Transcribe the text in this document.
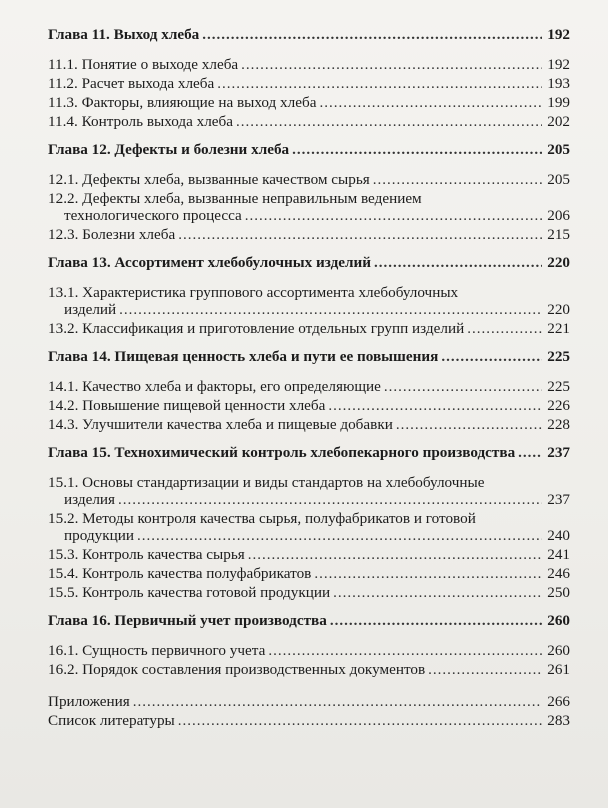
Глава 11. Выход хлеба .....	192
11.1. Понятие о выходе хлеба .....	192
11.2. Расчет выхода хлеба .....	193
11.3. Факторы, влияющие на выход хлеба .....	199
11.4. Контроль выхода хлеба .....	202
Глава 12. Дефекты и болезни хлеба .....	205
12.1. Дефекты хлеба, вызванные качеством сырья .....	205
12.2. Дефекты хлеба, вызванные неправильным ведением
технологического процесса .....	206
12.3. Болезни хлеба .....	215
Глава 13. Ассортимент хлебобулочных изделий .....	220
13.1. Характеристика группового ассортимента хлебобулочных
изделий .....	220
13.2. Классификация и приготовление отдельных групп изделий .....	221
Глава 14. Пищевая ценность хлеба и пути ее повышения .....	225
14.1. Качество хлеба и факторы, его определяющие .....	225
14.2. Повышение пищевой ценности хлеба .....	226
14.3. Улучшители качества хлеба и пищевые добавки .....	228
Глава 15. Технохимический контроль хлебопекарного производства ..... 237
15.1. Основы стандартизации и виды стандартов на хлебобулочные
изделия .....	237
15.2. Методы контроля качества сырья, полуфабрикатов и готовой
продукции .....	240
15.3. Контроль качества сырья .....	241
15.4. Контроль качества полуфабрикатов .....	246
15.5. Контроль качества готовой продукции .....	250
Глава 16. Первичный учет производства .....	260
16.1. Сущность первичного учета .....	260
16.2. Порядок составления производственных документов .....	261
Приложения .....	266
Список литературы .....	283
